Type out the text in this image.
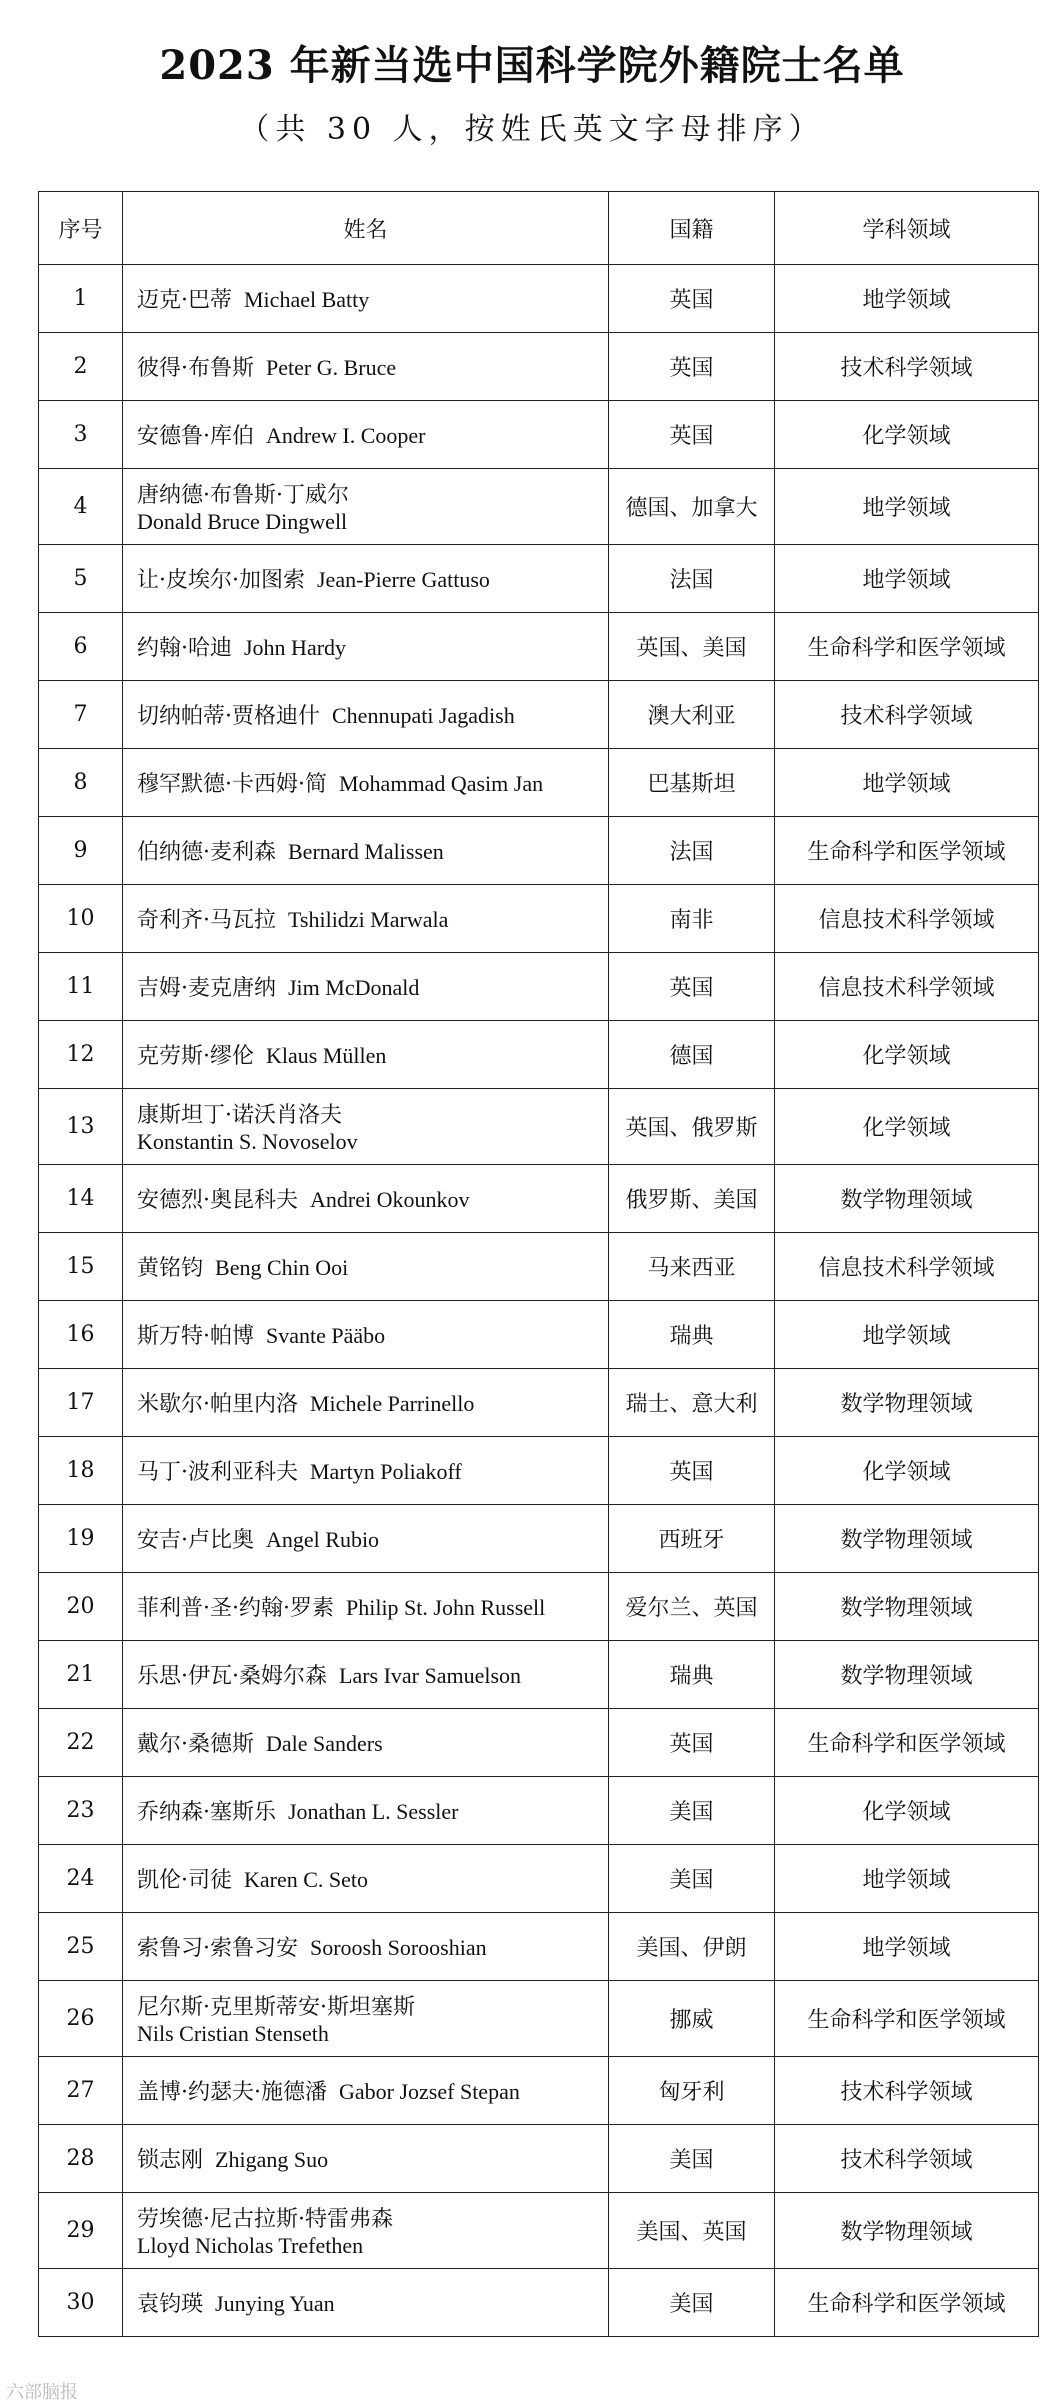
2023 年新当选中国科学院外籍院士名单
（共 30 人，按姓氏英文字母排序）
序号	姓名	国籍	学科领域
1	迈克·巴蒂 Michael Batty	英国	地学领域
2	彼得·布鲁斯 Peter G. Bruce	英国	技术科学领域
3	安德鲁·库伯 Andrew I. Cooper	英国	化学领域
4	唐纳德·布鲁斯·丁威尔
Donald Bruce Dingwell	德国、加拿大	地学领域
5	让·皮埃尔·加图索 Jean-Pierre Gattuso	法国	地学领域
6	约翰·哈迪 John Hardy	英国、美国	生命科学和医学领域
7	切纳帕蒂·贾格迪什 Chennupati Jagadish	澳大利亚	技术科学领域
8	穆罕默德·卡西姆·简 Mohammad Qasim Jan	巴基斯坦	地学领域
9	伯纳德·麦利森 Bernard Malissen	法国	生命科学和医学领域
10	奇利齐·马瓦拉 Tshilidzi Marwala	南非	信息技术科学领域
11	吉姆·麦克唐纳 Jim McDonald	英国	信息技术科学领域
12	克劳斯·缪伦 Klaus Müllen	德国	化学领域
13	康斯坦丁·诺沃肖洛夫
Konstantin S. Novoselov	英国、俄罗斯	化学领域
14	安德烈·奥昆科夫 Andrei Okounkov	俄罗斯、美国	数学物理领域
15	黄铭钧 Beng Chin Ooi	马来西亚	信息技术科学领域
16	斯万特·帕博 Svante Pääbo	瑞典	地学领域
17	米歇尔·帕里内洛 Michele Parrinello	瑞士、意大利	数学物理领域
18	马丁·波利亚科夫 Martyn Poliakoff	英国	化学领域
19	安吉·卢比奥 Angel Rubio	西班牙	数学物理领域
20	菲利普·圣·约翰·罗素 Philip St. John Russell	爱尔兰、英国	数学物理领域
21	乐思·伊瓦·桑姆尔森 Lars Ivar Samuelson	瑞典	数学物理领域
22	戴尔·桑德斯 Dale Sanders	英国	生命科学和医学领域
23	乔纳森·塞斯乐 Jonathan L. Sessler	美国	化学领域
24	凯伦·司徒 Karen C. Seto	美国	地学领域
25	索鲁习·索鲁习安 Soroosh Sorooshian	美国、伊朗	地学领域
26	尼尔斯·克里斯蒂安·斯坦塞斯
Nils Cristian Stenseth	挪威	生命科学和医学领域
27	盖博·约瑟夫·施德潘 Gabor Jozsef Stepan	匈牙利	技术科学领域
28	锁志刚 Zhigang Suo	美国	技术科学领域
29	劳埃德·尼古拉斯·特雷弗森
Lloyd Nicholas Trefethen	美国、英国	数学物理领域
30	袁钧瑛 Junying Yuan	美国	生命科学和医学领域
六部脑报
